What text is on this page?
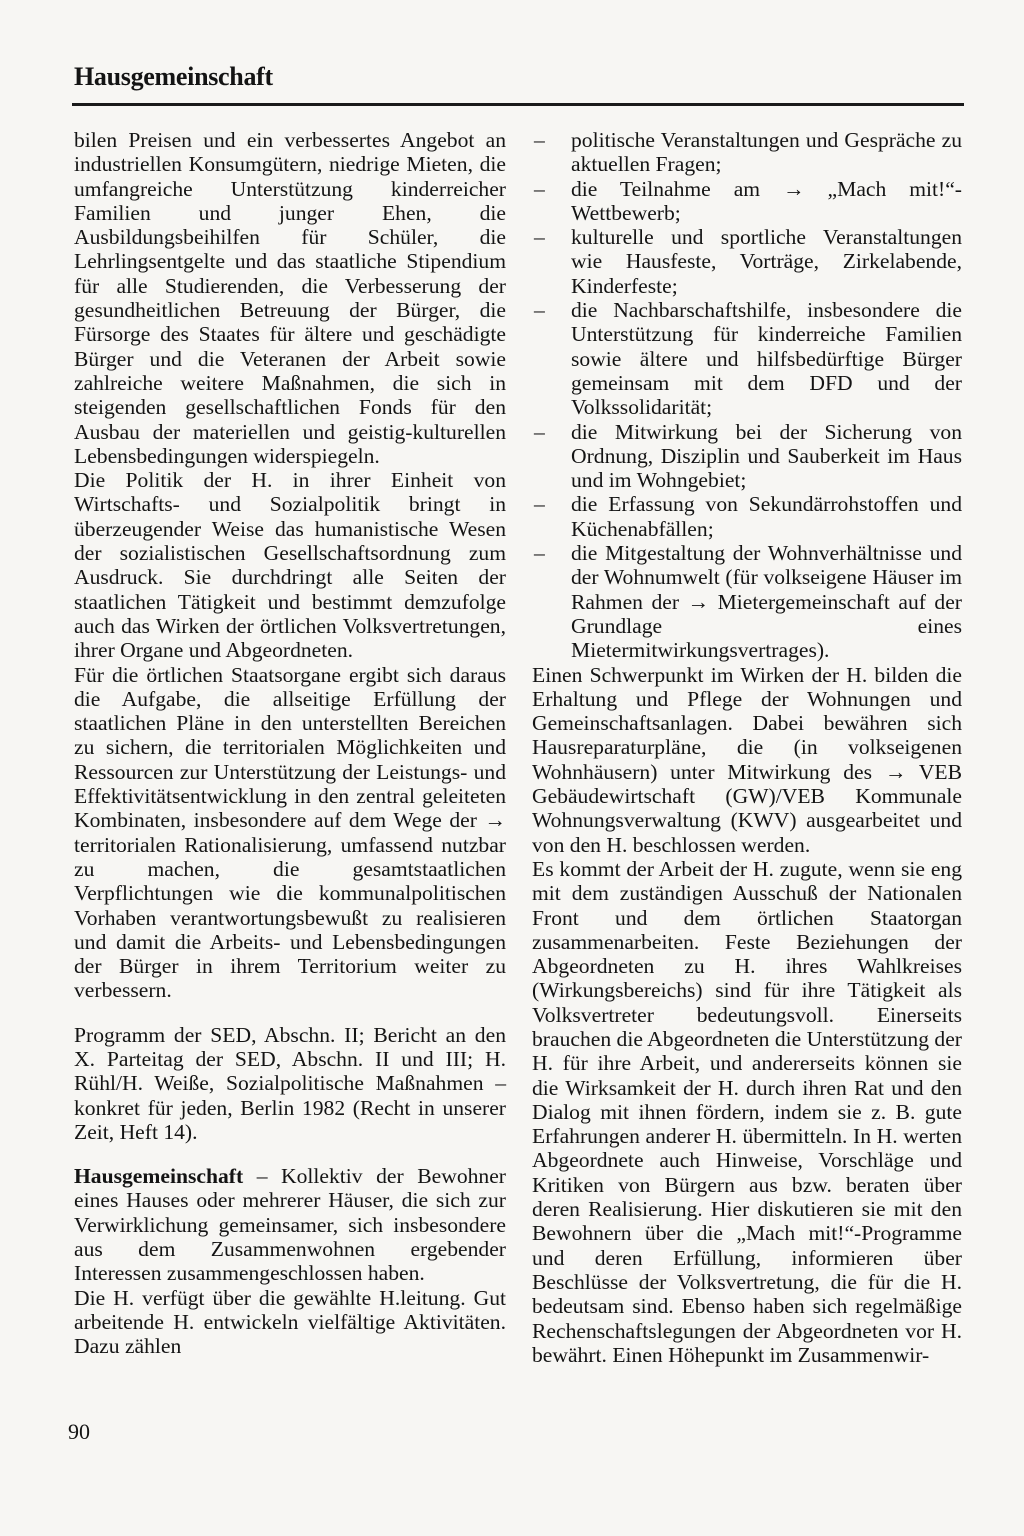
Hausgemeinschaft

bilen Preisen und ein verbessertes Angebot an industriellen Konsumgütern, niedrige Mieten, die umfangreiche Unterstützung kinderreicher Familien und junger Ehen, die Ausbildungsbeihilfen für Schüler, die Lehrlingsentgelte und das staatliche Stipendium für alle Studierenden, die Verbesserung der gesundheitlichen Betreuung der Bürger, die Fürsorge des Staates für ältere und geschädigte Bürger und die Veteranen der Arbeit sowie zahlreiche weitere Maßnahmen, die sich in steigenden gesellschaftlichen Fonds für den Ausbau der materiellen und geistig-kulturellen Lebensbedingungen widerspiegeln.

Die Politik der H. in ihrer Einheit von Wirtschafts- und Sozialpolitik bringt in überzeugender Weise das humanistische Wesen der sozialistischen Gesellschaftsordnung zum Ausdruck. Sie durchdringt alle Seiten der staatlichen Tätigkeit und bestimmt demzufolge auch das Wirken der örtlichen Volksvertretungen, ihrer Organe und Abgeordneten.

Für die örtlichen Staatsorgane ergibt sich daraus die Aufgabe, die allseitige Erfüllung der staatlichen Pläne in den unterstellten Bereichen zu sichern, die territorialen Möglichkeiten und Ressourcen zur Unterstützung der Leistungs- und Effektivitätsentwicklung in den zentral geleiteten Kombinaten, insbesondere auf dem Wege der → territorialen Rationalisierung, umfassend nutzbar zu machen, die gesamtstaatlichen Verpflichtungen wie die kommunalpolitischen Vorhaben verantwortungsbewußt zu realisieren und damit die Arbeits- und Lebensbedingungen der Bürger in ihrem Territorium weiter zu verbessern.

Programm der SED, Abschn. II; Bericht an den X. Parteitag der SED, Abschn. II und III; H. Rühl/H. Weiße, Sozialpolitische Maßnahmen – konkret für jeden, Berlin 1982 (Recht in unserer Zeit, Heft 14).

Hausgemeinschaft – Kollektiv der Bewohner eines Hauses oder mehrerer Häuser, die sich zur Verwirklichung gemeinsamer, sich insbesondere aus dem Zusammenwohnen ergebender Interessen zusammengeschlossen haben.

Die H. verfügt über die gewählte H.leitung. Gut arbeitende H. entwickeln vielfältige Aktivitäten. Dazu zählen

– politische Veranstaltungen und Gespräche zu aktuellen Fragen;
– die Teilnahme am → „Mach mit!“-Wettbewerb;
– kulturelle und sportliche Veranstaltungen wie Hausfeste, Vorträge, Zirkelabende, Kinderfeste;
– die Nachbarschaftshilfe, insbesondere die Unterstützung für kinderreiche Familien sowie ältere und hilfsbedürftige Bürger gemeinsam mit dem DFD und der Volkssolidarität;
– die Mitwirkung bei der Sicherung von Ordnung, Disziplin und Sauberkeit im Haus und im Wohngebiet;
– die Erfassung von Sekundärrohstoffen und Küchenabfällen;
– die Mitgestaltung der Wohnverhältnisse und der Wohnumwelt (für volkseigene Häuser im Rahmen der → Mietergemeinschaft auf der Grundlage eines Mietermitwirkungsvertrages).

Einen Schwerpunkt im Wirken der H. bilden die Erhaltung und Pflege der Wohnungen und Gemeinschaftsanlagen. Dabei bewähren sich Hausreparaturpläne, die (in volkseigenen Wohnhäusern) unter Mitwirkung des → VEB Gebäudewirtschaft (GW)/VEB Kommunale Wohnungsverwaltung (KWV) ausgearbeitet und von den H. beschlossen werden.

Es kommt der Arbeit der H. zugute, wenn sie eng mit dem zuständigen Ausschuß der Nationalen Front und dem örtlichen Staatorgan zusammenarbeiten. Feste Beziehungen der Abgeordneten zu H. ihres Wahlkreises (Wirkungsbereichs) sind für ihre Tätigkeit als Volksvertreter bedeutungsvoll. Einerseits brauchen die Abgeordneten die Unterstützung der H. für ihre Arbeit, und andererseits können sie die Wirksamkeit der H. durch ihren Rat und den Dialog mit ihnen fördern, indem sie z. B. gute Erfahrungen anderer H. übermitteln. In H. werten Abgeordnete auch Hinweise, Vorschläge und Kritiken von Bürgern aus bzw. beraten über deren Realisierung. Hier diskutieren sie mit den Bewohnern über die „Mach mit!“-Programme und deren Erfüllung, informieren über Beschlüsse der Volksvertretung, die für die H. bedeutsam sind. Ebenso haben sich regelmäßige Rechenschaftslegungen der Abgeordneten vor H. bewährt. Einen Höhepunkt im Zusammenwir-

90
